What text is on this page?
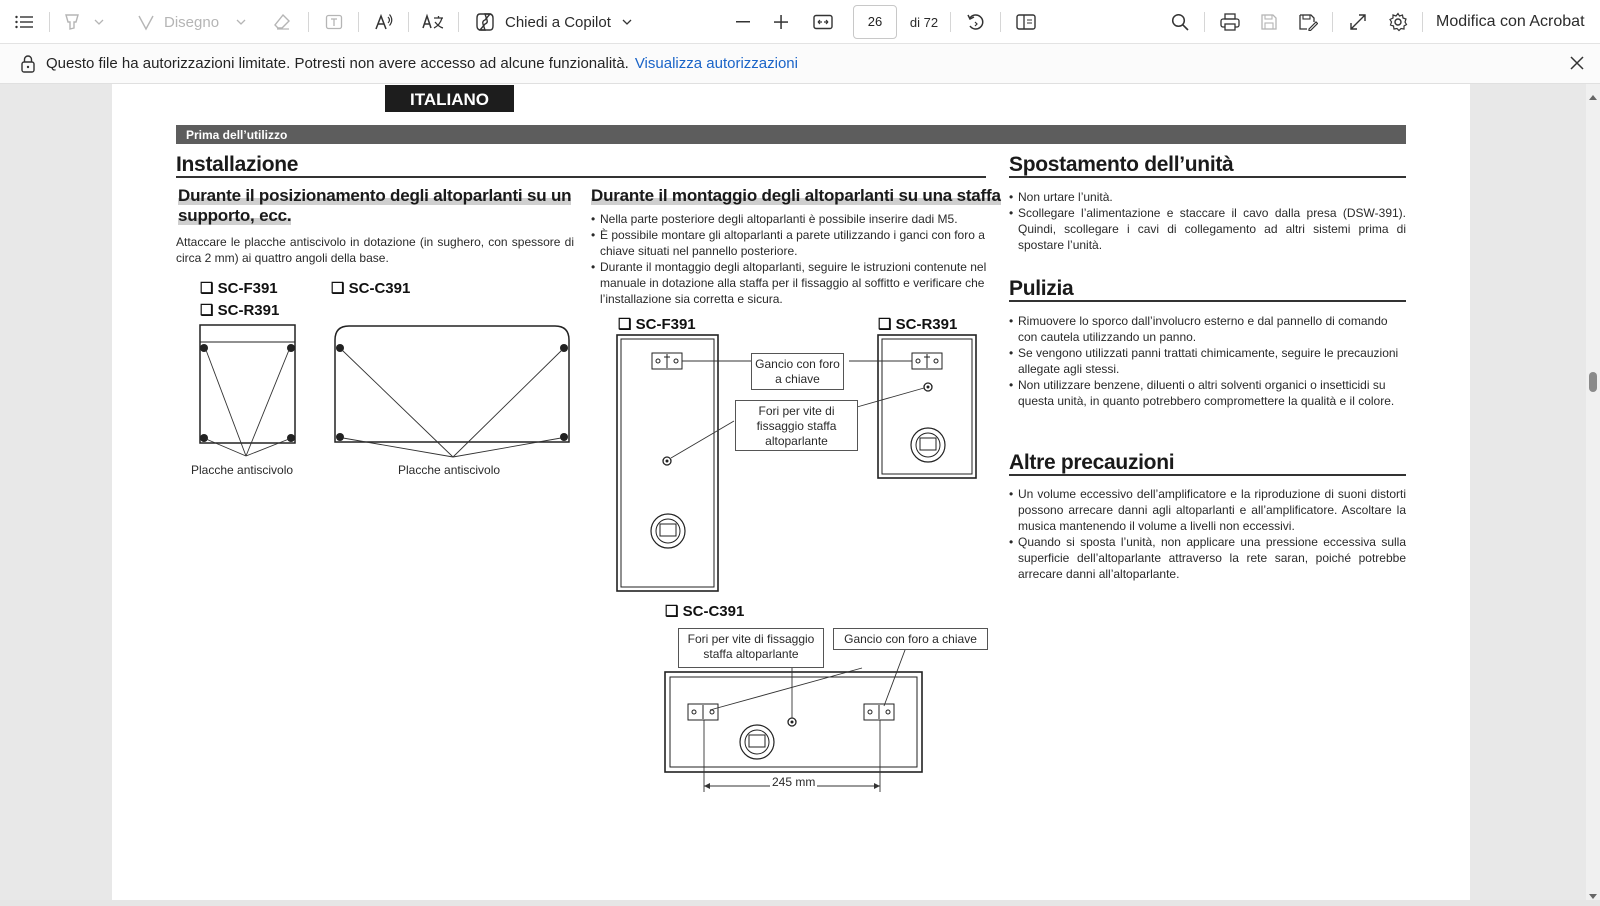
Disegno	Chiedi a Copilot	26	di 72	Modifica con Acrobat
Questo file ha autorizzazioni limitate. Potresti non avere accesso ad alcune funzionalità. Visualizza autorizzazioni
ITALIANO
Prima dell’utilizzo
Installazione
Durante il posizionamento degli altoparlanti su un
supporto, ecc.
Attaccare le placche antiscivolo in dotazione (in sughero, con spessore di circa 2 mm) ai quattro angoli della base.
❑ SC-F391
❑ SC-R391
❑ SC-C391
Placche antiscivolo	Placche antiscivolo
Durante il montaggio degli altoparlanti su una staffa
• Nella parte posteriore degli altoparlanti è possibile inserire dadi M5.
• È possibile montare gli altoparlanti a parete utilizzando i ganci con foro a chiave situati nel pannello posteriore.
• Durante il montaggio degli altoparlanti, seguire le istruzioni contenute nel manuale in dotazione alla staffa per il fissaggio al soffitto e verificare che l’installazione sia corretta e sicura.
❑ SC-F391	❑ SC-R391
Gancio con foro a chiave
Fori per vite di fissaggio staffa altoparlante
❑ SC-C391
Fori per vite di fissaggio staffa altoparlante
Gancio con foro a chiave
245 mm
Spostamento dell’unità
• Non urtare l’unità.
• Scollegare l’alimentazione e staccare il cavo dalla presa (DSW-391). Quindi, scollegare i cavi di collegamento ad altri sistemi prima di spostare l’unità.
Pulizia
• Rimuovere lo sporco dall’involucro esterno e dal pannello di comando con cautela utilizzando un panno.
• Se vengono utilizzati panni trattati chimicamente, seguire le precauzioni allegate agli stessi.
• Non utilizzare benzene, diluenti o altri solventi organici o insetticidi su questa unità, in quanto potrebbero compromettere la qualità e il colore.
Altre precauzioni
• Un volume eccessivo dell’amplificatore e la riproduzione di suoni distorti possono arrecare danni agli altoparlanti e all’amplificatore. Ascoltare la musica mantenendo il volume a livelli non eccessivi.
• Quando si sposta l’unità, non applicare una pressione eccessiva sulla superficie dell’altoparlante attraverso la rete saran, poiché potrebbe arrecare danni all’altoparlante.
